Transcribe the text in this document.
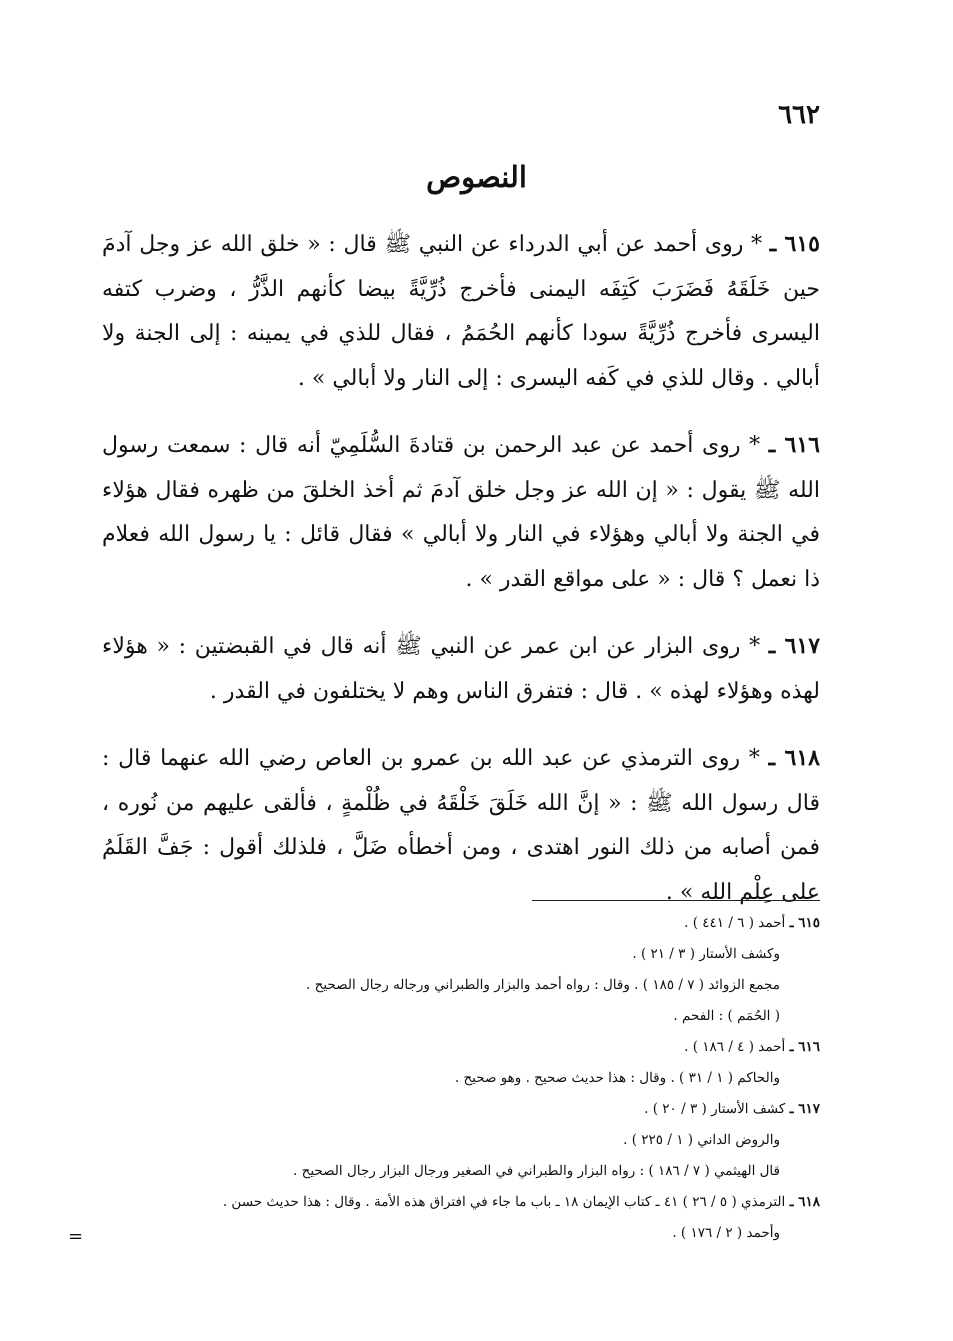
٦٦٢
النصوص

٦١٥ ـ * روى أحمد عن أبي الدرداء عن النبي ﷺ قال : « خلق الله عز وجل آدمَ حين خَلَقَهُ فَضَرَبَ كَتِفَه اليمنى فأخرج ذُرِّيَّةً بيضا كأنهم الذَّرُّ ، وضرب كتفه اليسرى فأخرج ذُرِّيَّةً سودا كأنهم الحُمَمُ ، فقال للذي في يمينه : إلى الجنة ولا أبالي . وقال للذي في كَفه اليسرى : إلى النار ولا أبالي » .

٦١٦ ـ * روى أحمد عن عبد الرحمن بن قتادةَ السُّلَمِيّ أنه قال : سمعت رسول الله ﷺ يقول : « إن الله عز وجل خلق آدمَ ثم أخذ الخلقَ من ظهره فقال هؤلاء في الجنة ولا أبالي وهؤلاء في النار ولا أبالي » فقال قائل : يا رسول الله فعلام ذا نعمل ؟ قال : « على مواقع القدر » .

٦١٧ ـ * روى البزار عن ابن عمر عن النبي ﷺ أنه قال في القبضتين : « هؤلاء لهذه وهؤلاء لهذه » . قال : فتفرق الناس وهم لا يختلفون في القدر .

٦١٨ ـ * روى الترمذي عن عبد الله بن عمرو بن العاص رضي الله عنهما قال : قال رسول الله ﷺ : « إنَّ الله خَلَقَ خَلْقَهُ في ظُلْمةٍ ، فألقى عليهم من نُوره ، فمن أصابه من ذلك النور اهتدى ، ومن أخطأه ضَلَّ ، فلذلك أقول : جَفَّ القَلَمُ على عِلْم الله » .

٦١٥ ـ أحمد ( ٦ / ٤٤١ ) .
وكشف الأستار ( ٣ / ٢١ ) .
مجمع الزوائد ( ٧ / ١٨٥ ) . وقال : رواه أحمد والبزار والطبراني ورجاله رجال الصحيح .
( الحُمَم ) : الفحم .
٦١٦ ـ أحمد ( ٤ / ١٨٦ ) .
والحاكم ( ١ / ٣١ ) . وقال : هذا حديث صحيح . وهو صحيح .
٦١٧ ـ كشف الأستار ( ٣ / ٢٠ ) .
والروض الداني ( ١ / ٢٢٥ ) .
قال الهيثمي ( ٧ / ١٨٦ ) : رواه البزار والطبراني في الصغير ورجال البزار رجال الصحيح .
٦١٨ ـ الترمذي ( ٥ / ٢٦ ) ٤١ ـ كتاب الإيمان ١٨ ـ باب ما جاء في افتراق هذه الأمة . وقال : هذا حديث حسن .
وأحمد ( ٢ / ١٧٦ ) .
=
